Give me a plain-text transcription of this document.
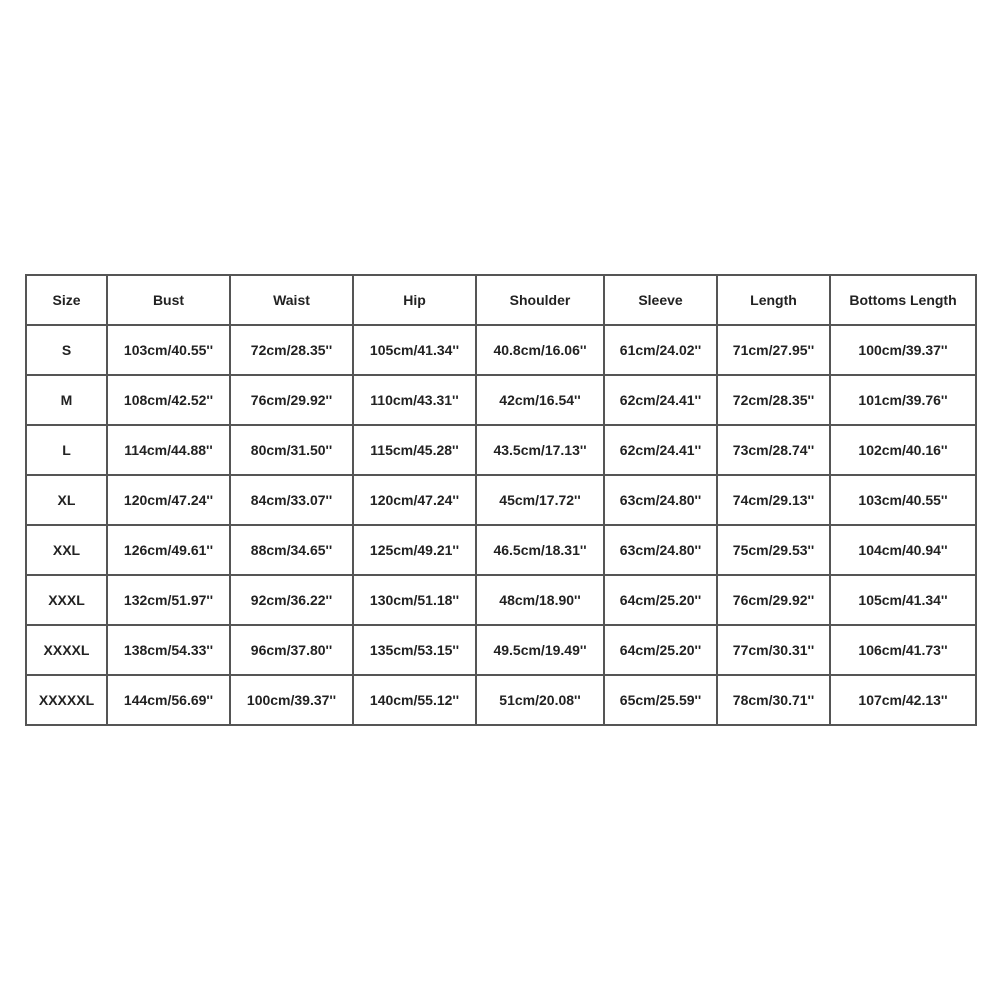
Size	Bust	Waist	Hip	Shoulder	Sleeve	Length	Bottoms Length
S	103cm/40.55''	72cm/28.35''	105cm/41.34''	40.8cm/16.06''	61cm/24.02''	71cm/27.95''	100cm/39.37''
M	108cm/42.52''	76cm/29.92''	110cm/43.31''	42cm/16.54''	62cm/24.41''	72cm/28.35''	101cm/39.76''
L	114cm/44.88''	80cm/31.50''	115cm/45.28''	43.5cm/17.13''	62cm/24.41''	73cm/28.74''	102cm/40.16''
XL	120cm/47.24''	84cm/33.07''	120cm/47.24''	45cm/17.72''	63cm/24.80''	74cm/29.13''	103cm/40.55''
XXL	126cm/49.61''	88cm/34.65''	125cm/49.21''	46.5cm/18.31''	63cm/24.80''	75cm/29.53''	104cm/40.94''
XXXL	132cm/51.97''	92cm/36.22''	130cm/51.18''	48cm/18.90''	64cm/25.20''	76cm/29.92''	105cm/41.34''
XXXXL	138cm/54.33''	96cm/37.80''	135cm/53.15''	49.5cm/19.49''	64cm/25.20''	77cm/30.31''	106cm/41.73''
XXXXXL	144cm/56.69''	100cm/39.37''	140cm/55.12''	51cm/20.08''	65cm/25.59''	78cm/30.71''	107cm/42.13''
